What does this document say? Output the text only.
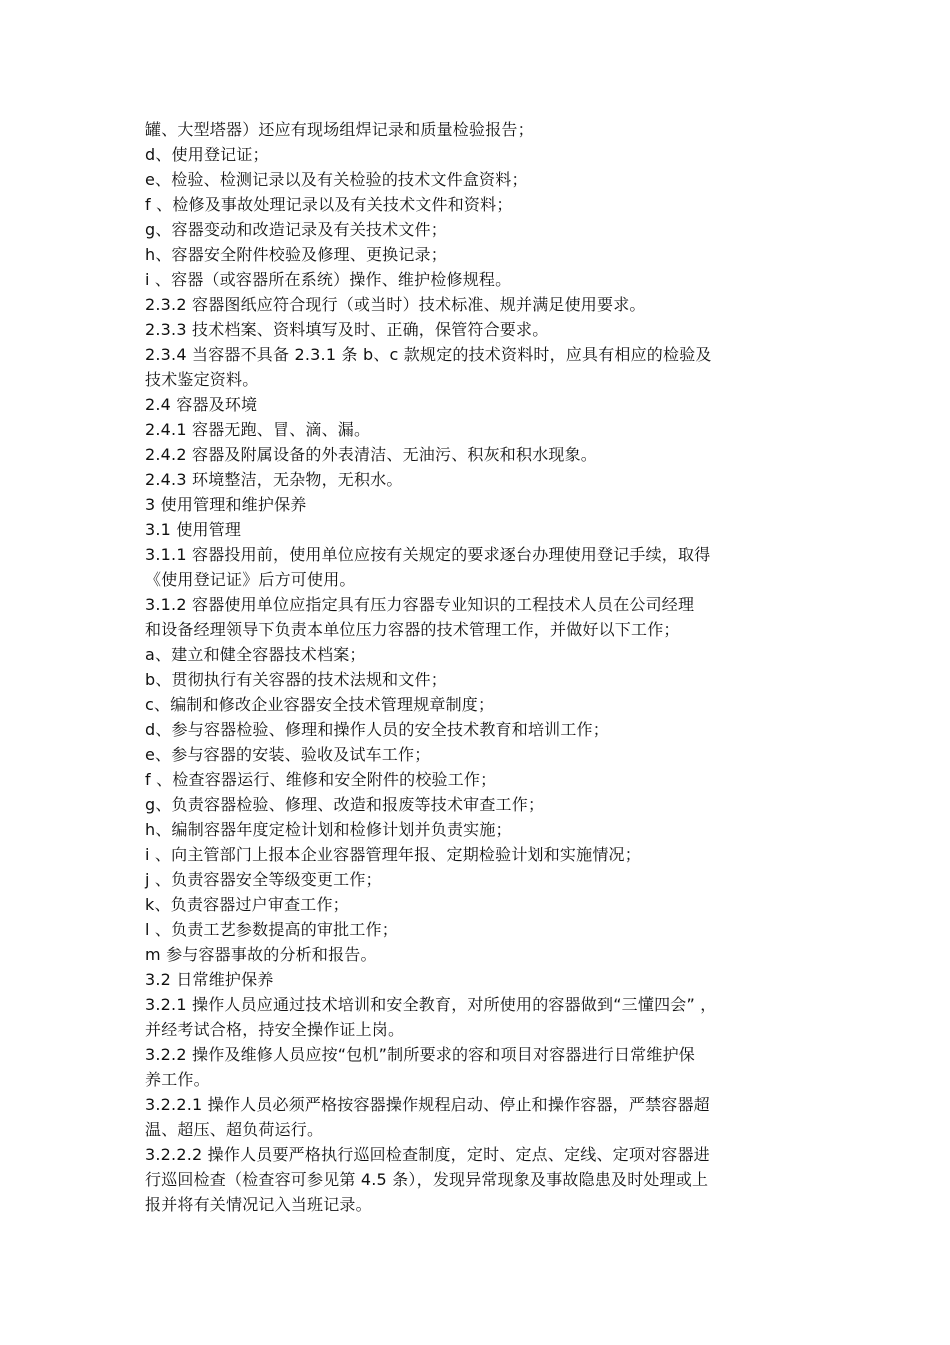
罐、大型塔器）还应有现场组焊记录和质量检验报告；
d、使用登记证；
e、检验、检测记录以及有关检验的技术文件盒资料；
f 、检修及事故处理记录以及有关技术文件和资料；
g、容器变动和改造记录及有关技术文件；
h、容器安全附件校验及修理、更换记录；
i 、容器（或容器所在系统）操作、维护检修规程。
2.3.2 容器图纸应符合现行（或当时）技术标准、规并满足使用要求。
2.3.3 技术档案、资料填写及时、正确，保管符合要求。
2.3.4 当容器不具备 2.3.1 条 b、c 款规定的技术资料时，应具有相应的检验及
技术鉴定资料。
2.4 容器及环境
2.4.1 容器无跑、冒、滴、漏。
2.4.2 容器及附属设备的外表清洁、无油污、积灰和积水现象。
2.4.3 环境整洁，无杂物，无积水。
3 使用管理和维护保养
3.1 使用管理
3.1.1 容器投用前，使用单位应按有关规定的要求逐台办理使用登记手续，取得
《使用登记证》后方可使用。
3.1.2 容器使用单位应指定具有压力容器专业知识的工程技术人员在公司经理
和设备经理领导下负责本单位压力容器的技术管理工作，并做好以下工作；
a、建立和健全容器技术档案；
b、贯彻执行有关容器的技术法规和文件；
c、编制和修改企业容器安全技术管理规章制度；
d、参与容器检验、修理和操作人员的安全技术教育和培训工作；
e、参与容器的安装、验收及试车工作；
f 、检查容器运行、维修和安全附件的校验工作；
g、负责容器检验、修理、改造和报废等技术审查工作；
h、编制容器年度定检计划和检修计划并负责实施；
i 、向主管部门上报本企业容器管理年报、定期检验计划和实施情况；
j 、负责容器安全等级变更工作；
k、负责容器过户审查工作；
l 、负责工艺参数提高的审批工作；
m 参与容器事故的分析和报告。
3.2 日常维护保养
3.2.1 操作人员应通过技术培训和安全教育，对所使用的容器做到“三懂四会” ，
并经考试合格，持安全操作证上岗。
3.2.2 操作及维修人员应按“包机”制所要求的容和项目对容器进行日常维护保
养工作。
3.2.2.1 操作人员必须严格按容器操作规程启动、停止和操作容器，严禁容器超
温、超压、超负荷运行。
3.2.2.2 操作人员要严格执行巡回检查制度，定时、定点、定线、定项对容器进
行巡回检查（检查容可参见第 4.5 条），发现异常现象及事故隐患及时处理或上
报并将有关情况记入当班记录。
